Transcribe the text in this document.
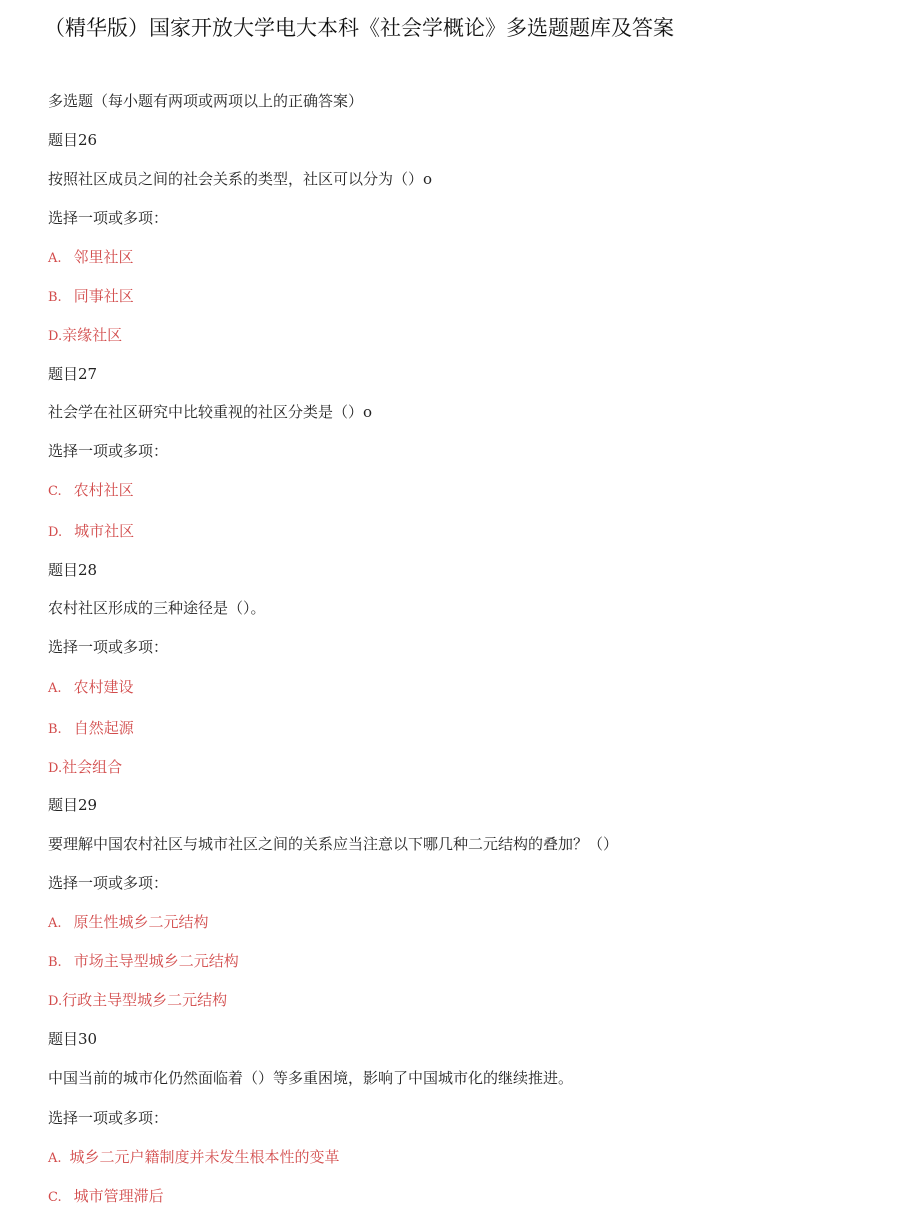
（精华版）国家开放大学电大本科《社会学概论》多选题题库及答案
多选题（每小题有两项或两项以上的正确答案）
题目26
按照社区成员之间的社会关系的类型，社区可以分为（）o
选择一项或多项：
A. 邻里社区
B. 同事社区
D.亲缘社区
题目27
社会学在社区研究中比较重视的社区分类是（）o
选择一项或多项：
C. 农村社区
D. 城市社区
题目28
农村社区形成的三种途径是（）。
选择一项或多项：
A. 农村建设
B. 自然起源
D.社会组合
题目29
要理解中国农村社区与城市社区之间的关系应当注意以下哪几种二元结构的叠加？（）
选择一项或多项：
A. 原生性城乡二元结构
B. 市场主导型城乡二元结构
D.行政主导型城乡二元结构
题目30
中国当前的城市化仍然面临着（）等多重困境，影响了中国城市化的继续推进。
选择一项或多项：
A. 城乡二元户籍制度并未发生根本性的变革
C. 城市管理滞后
